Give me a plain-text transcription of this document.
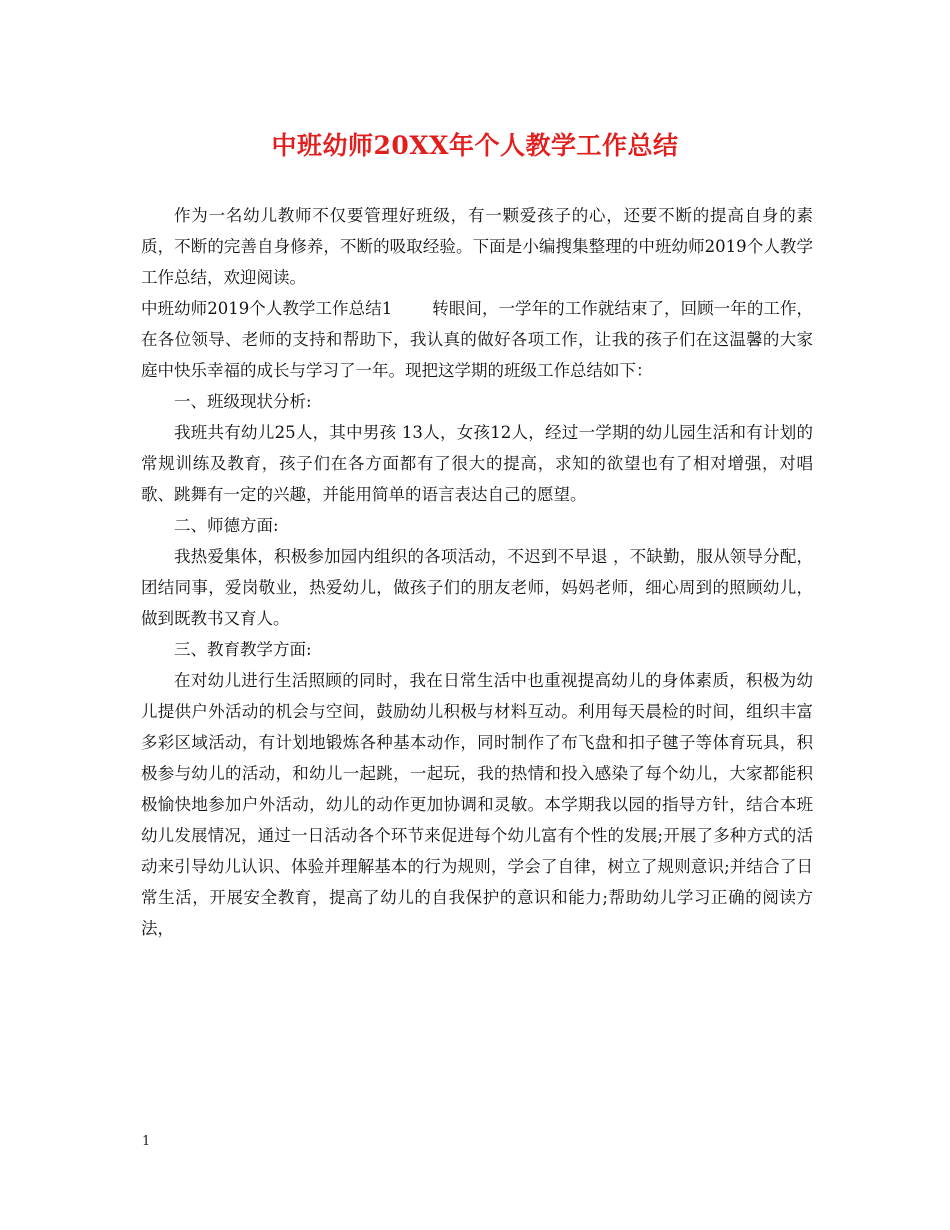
中班幼师20XX年个人教学工作总结

作为一名幼儿教师不仅要管理好班级，有一颗爱孩子的心，还要不断的提高自身的素质，不断的完善自身修养，不断的吸取经验。下面是小编搜集整理的中班幼师2019个人教学工作总结，欢迎阅读。

中班幼师2019个人教学工作总结1 转眼间，一学年的工作就结束了，回顾一年的工作，在各位领导、老师的支持和帮助下，我认真的做好各项工作，让我的孩子们在这温馨的大家庭中快乐幸福的成长与学习了一年。现把这学期的班级工作总结如下：

一、班级现状分析:

我班共有幼儿25人，其中男孩 13人，女孩12人，经过一学期的幼儿园生活和有计划的常规训练及教育，孩子们在各方面都有了很大的提高，求知的欲望也有了相对增强，对唱歌、跳舞有一定的兴趣，并能用简单的语言表达自己的愿望。

二、师德方面:

我热爱集体，积极参加园内组织的各项活动，不迟到不早退 ，不缺勤，服从领导分配，团结同事，爱岗敬业，热爱幼儿，做孩子们的朋友老师，妈妈老师，细心周到的照顾幼儿，做到既教书又育人。

三、教育教学方面:

在对幼儿进行生活照顾的同时，我在日常生活中也重视提高幼儿的身体素质，积极为幼儿提供户外活动的机会与空间，鼓励幼儿积极与材料互动。利用每天晨检的时间，组织丰富多彩区域活动，有计划地锻炼各种基本动作，同时制作了布飞盘和扣子毽子等体育玩具，积极参与幼儿的活动，和幼儿一起跳，一起玩，我的热情和投入感染了每个幼儿，大家都能积极愉快地参加户外活动，幼儿的动作更加协调和灵敏。本学期我以园的指导方针，结合本班幼儿发展情况，通过一日活动各个环节来促进每个幼儿富有个性的发展;开展了多种方式的活动来引导幼儿认识、体验并理解基本的行为规则，学会了自律，树立了规则意识;并结合了日常生活，开展安全教育，提高了幼儿的自我保护的意识和能力;帮助幼儿学习正确的阅读方法，

1
